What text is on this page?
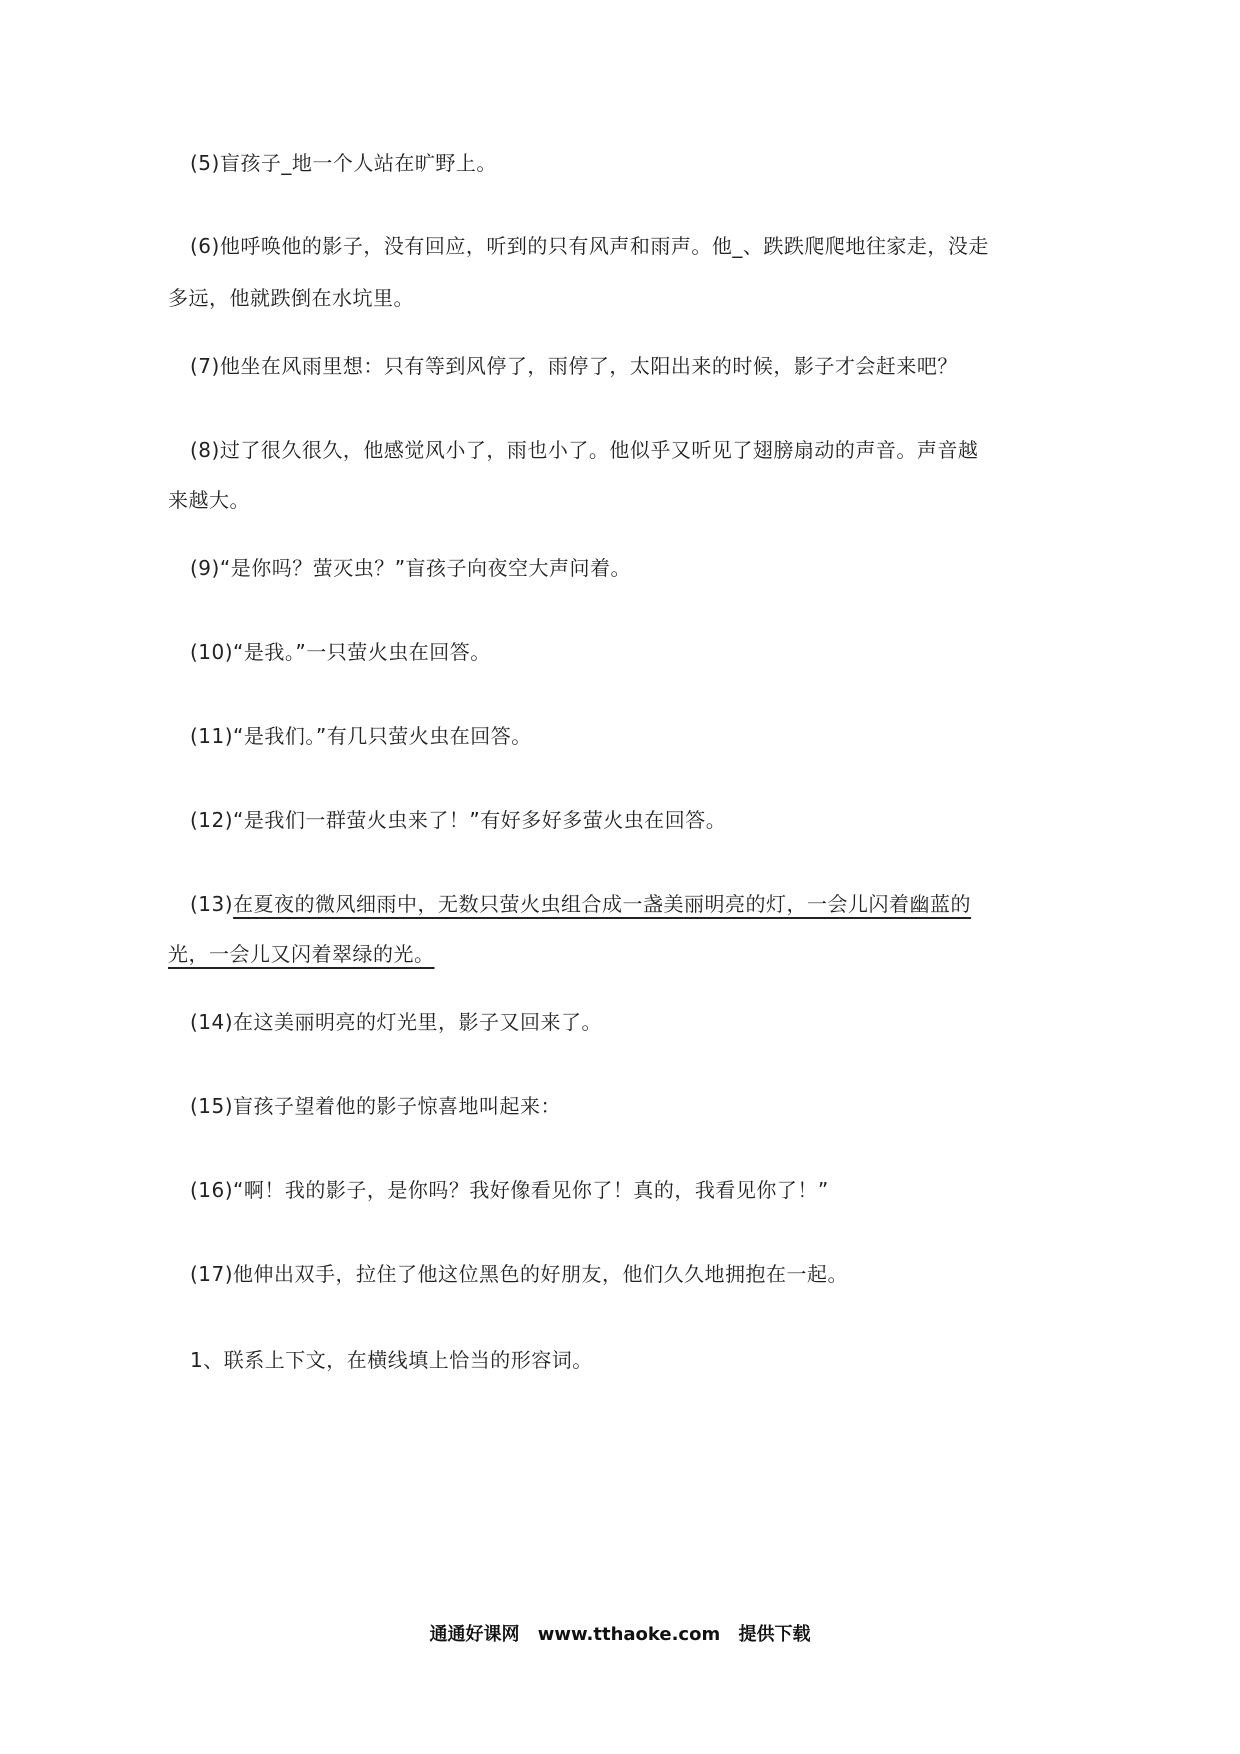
(5)盲孩子_地一个人站在旷野上。

(6)他呼唤他的影子，没有回应，听到的只有风声和雨声。他_、跌跌爬爬地往家走，没走

多远，他就跌倒在水坑里。

(7)他坐在风雨里想：只有等到风停了，雨停了，太阳出来的时候，影子才会赶来吧？

(8)过了很久很久，他感觉风小了，雨也小了。他似乎又听见了翅膀扇动的声音。声音越

来越大。

(9)“是你吗？萤灭虫？”盲孩子向夜空大声问着。

(10)“是我。”一只萤火虫在回答。

(11)“是我们。”有几只萤火虫在回答。

(12)“是我们一群萤火虫来了！”有好多好多萤火虫在回答。

(13)在夏夜的微风细雨中，无数只萤火虫组合成一盏美丽明亮的灯，一会儿闪着幽蓝的

光，一会儿又闪着翠绿的光。

(14)在这美丽明亮的灯光里，影子又回来了。

(15)盲孩子望着他的影子惊喜地叫起来：

(16)“啊！我的影子，是你吗？我好像看见你了！真的，我看见你了！”

(17)他伸出双手，拉住了他这位黑色的好朋友，他们久久地拥抱在一起。

1、联系上下文，在横线填上恰当的形容词。

通通好课网 www.tthaoke.com 提供下载
